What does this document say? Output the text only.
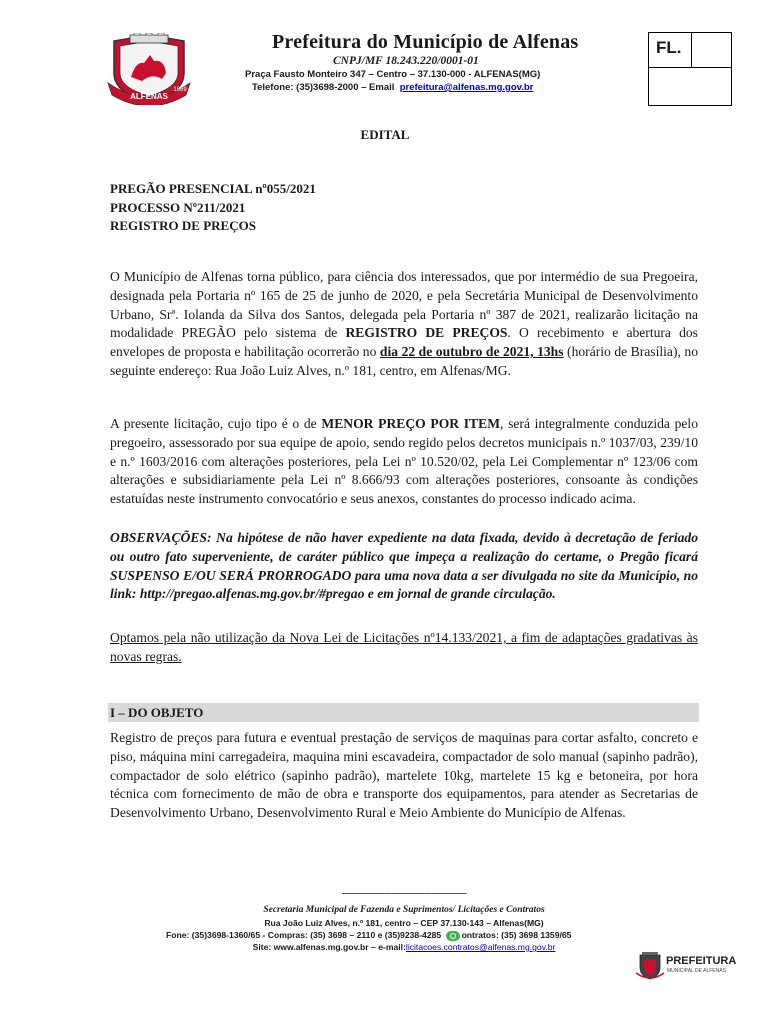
ALFENAS
1869
Prefeitura do Município de Alfenas
CNPJ/MF 18.243.220/0001-01
Praça Fausto Monteiro 347 – Centro – 37.130-000 - ALFENAS(MG)
Telefone: (35)3698-2000 – Email prefeitura@alfenas.mg.gov.br
FL.
EDITAL
PREGÃO PRESENCIAL nº055/2021
PROCESSO Nº211/2021
REGISTRO DE PREÇOS
O Município de Alfenas torna público, para ciência dos interessados, que por intermédio de sua Pregoeira, designada pela Portaria nº 165 de 25 de junho de 2020, e pela Secretária Municipal de Desenvolvimento Urbano, Srª. Iolanda da Silva dos Santos, delegada pela Portaria nº 387 de 2021, realizarão licitação na modalidade PREGÃO pelo sistema de REGISTRO DE PREÇOS. O recebimento e abertura dos envelopes de proposta e habilitação ocorrerão no dia 22 de outubro de 2021, 13hs (horário de Brasília), no seguinte endereço: Rua João Luiz Alves, n.º 181, centro, em Alfenas/MG.
A presente licitação, cujo tipo é o de MENOR PREÇO POR ITEM, será integralmente conduzida pelo pregoeiro, assessorado por sua equipe de apoio, sendo regido pelos decretos municipais n.º 1037/03, 239/10 e n.º 1603/2016 com alterações posteriores, pela Lei nº 10.520/02, pela Lei Complementar nº 123/06 com alterações e subsidiariamente pela Lei nº 8.666/93 com alterações posteriores, consoante às condições estatuídas neste instrumento convocatório e seus anexos, constantes do processo indicado acima.
OBSERVAÇÕES: Na hipótese de não haver expediente na data fixada, devido à decretação de feriado ou outro fato superveniente, de caráter público que impeça a realização do certame, o Pregão ficará SUSPENSO E/OU SERÁ PRORROGADO para uma nova data a ser divulgada no site da Município, no link: http://pregao.alfenas.mg.gov.br/#pregao e em jornal de grande circulação.
Optamos pela não utilização da Nova Lei de Licitações nº14.133/2021, a fim de adaptações gradativas às novas regras.
I – DO OBJETO
Registro de preços para futura e eventual prestação de serviços de maquinas para cortar asfalto, concreto e piso, máquina mini carregadeira, maquina mini escavadeira, compactador de solo manual (sapinho padrão), compactador de solo elétrico (sapinho padrão), martelete 10kg, martelete 15 kg e betoneira, por hora técnica com fornecimento de mão de obra e transporte dos equipamentos, para atender as Secretarias de Desenvolvimento Urbano, Desenvolvimento Rural e Meio Ambiente do Município de Alfenas.
--------------------------------------------------
Secretaria Municipal de Fazenda e Suprimentos/ Licitações e Contratos
Rua João Luiz Alves, n.º 181, centro – CEP 37.130-143 – Alfenas(MG)
Fone: (35)3698-1360/65 - Compras: (35) 3698 – 2110 e (35)9238-4285 ontratos: (35) 3698 1359/65
Site: www.alfenas.mg.gov.br – e-mail:licitacoes.contratos@alfenas.mg.gov.br
PREFEITURA
MUNICIPAL DE ALFENAS
